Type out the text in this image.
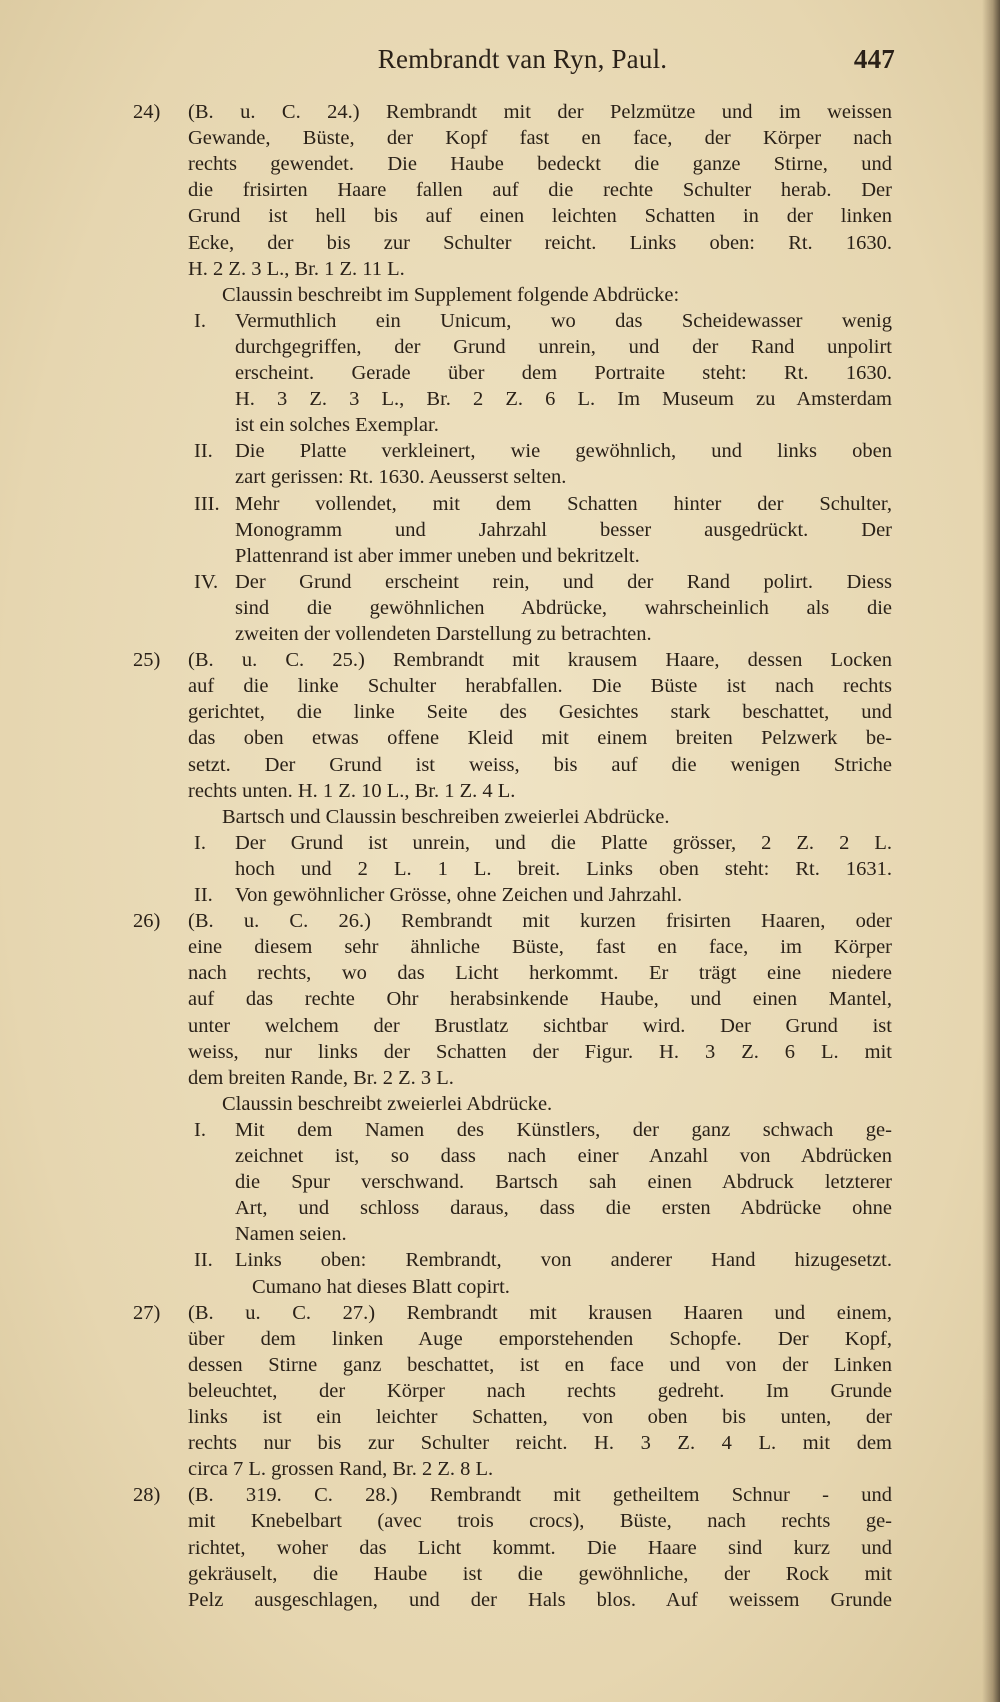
Rembrandt van Ryn, Paul.	447
24) (B. u. C. 24.) Rembrandt mit der Pelzmütze und im weissen
Gewande, Büste, der Kopf fast en face, der Körper nach
rechts gewendet. Die Haube bedeckt die ganze Stirne, und
die frisirten Haare fallen auf die rechte Schulter herab. Der
Grund ist hell bis auf einen leichten Schatten in der linken
Ecke, der bis zur Schulter reicht. Links oben: Rt. 1630.
H. 2 Z. 3 L., Br. 1 Z. 11 L.
Claussin beschreibt im Supplement folgende Abdrücke:
I. Vermuthlich ein Unicum, wo das Scheidewasser wenig
durchgegriffen, der Grund unrein, und der Rand unpolirt
erscheint. Gerade über dem Portraite steht: Rt. 1630.
H. 3 Z. 3 L., Br. 2 Z. 6 L. Im Museum zu Amsterdam
ist ein solches Exemplar.
II. Die Platte verkleinert, wie gewöhnlich, und links oben
zart gerissen: Rt. 1630. Aeusserst selten.
III. Mehr vollendet, mit dem Schatten hinter der Schulter,
Monogramm und Jahrzahl besser ausgedrückt. Der
Plattenrand ist aber immer uneben und bekritzelt.
IV. Der Grund erscheint rein, und der Rand polirt. Diess
sind die gewöhnlichen Abdrücke, wahrscheinlich als die
zweiten der vollendeten Darstellung zu betrachten.
25) (B. u. C. 25.) Rembrandt mit krausem Haare, dessen Locken
auf die linke Schulter herabfallen. Die Büste ist nach rechts
gerichtet, die linke Seite des Gesichtes stark beschattet, und
das oben etwas offene Kleid mit einem breiten Pelzwerk be-
setzt. Der Grund ist weiss, bis auf die wenigen Striche
rechts unten. H. 1 Z. 10 L., Br. 1 Z. 4 L.
Bartsch und Claussin beschreiben zweierlei Abdrücke.
I. Der Grund ist unrein, und die Platte grösser, 2 Z. 2 L.
hoch und 2 L. 1 L. breit. Links oben steht: Rt. 1631.
II. Von gewöhnlicher Grösse, ohne Zeichen und Jahrzahl.
26) (B. u. C. 26.) Rembrandt mit kurzen frisirten Haaren, oder
eine diesem sehr ähnliche Büste, fast en face, im Körper
nach rechts, wo das Licht herkommt. Er trägt eine niedere
auf das rechte Ohr herabsinkende Haube, und einen Mantel,
unter welchem der Brustlatz sichtbar wird. Der Grund ist
weiss, nur links der Schatten der Figur. H. 3 Z. 6 L. mit
dem breiten Rande, Br. 2 Z. 3 L.
Claussin beschreibt zweierlei Abdrücke.
I. Mit dem Namen des Künstlers, der ganz schwach ge-
zeichnet ist, so dass nach einer Anzahl von Abdrücken
die Spur verschwand. Bartsch sah einen Abdruck letzterer
Art, und schloss daraus, dass die ersten Abdrücke ohne
Namen seien.
II. Links oben: Rembrandt, von anderer Hand hizugesetzt.
Cumano hat dieses Blatt copirt.
27) (B. u. C. 27.) Rembrandt mit krausen Haaren und einem,
über dem linken Auge emporstehenden Schopfe. Der Kopf,
dessen Stirne ganz beschattet, ist en face und von der Linken
beleuchtet, der Körper nach rechts gedreht. Im Grunde
links ist ein leichter Schatten, von oben bis unten, der
rechts nur bis zur Schulter reicht. H. 3 Z. 4 L. mit dem
circa 7 L. grossen Rand, Br. 2 Z. 8 L.
28) (B. 319. C. 28.) Rembrandt mit getheiltem Schnur - und
mit Knebelbart (avec trois crocs), Büste, nach rechts ge-
richtet, woher das Licht kommt. Die Haare sind kurz und
gekräuselt, die Haube ist die gewöhnliche, der Rock mit
Pelz ausgeschlagen, und der Hals blos. Auf weissem Grunde
